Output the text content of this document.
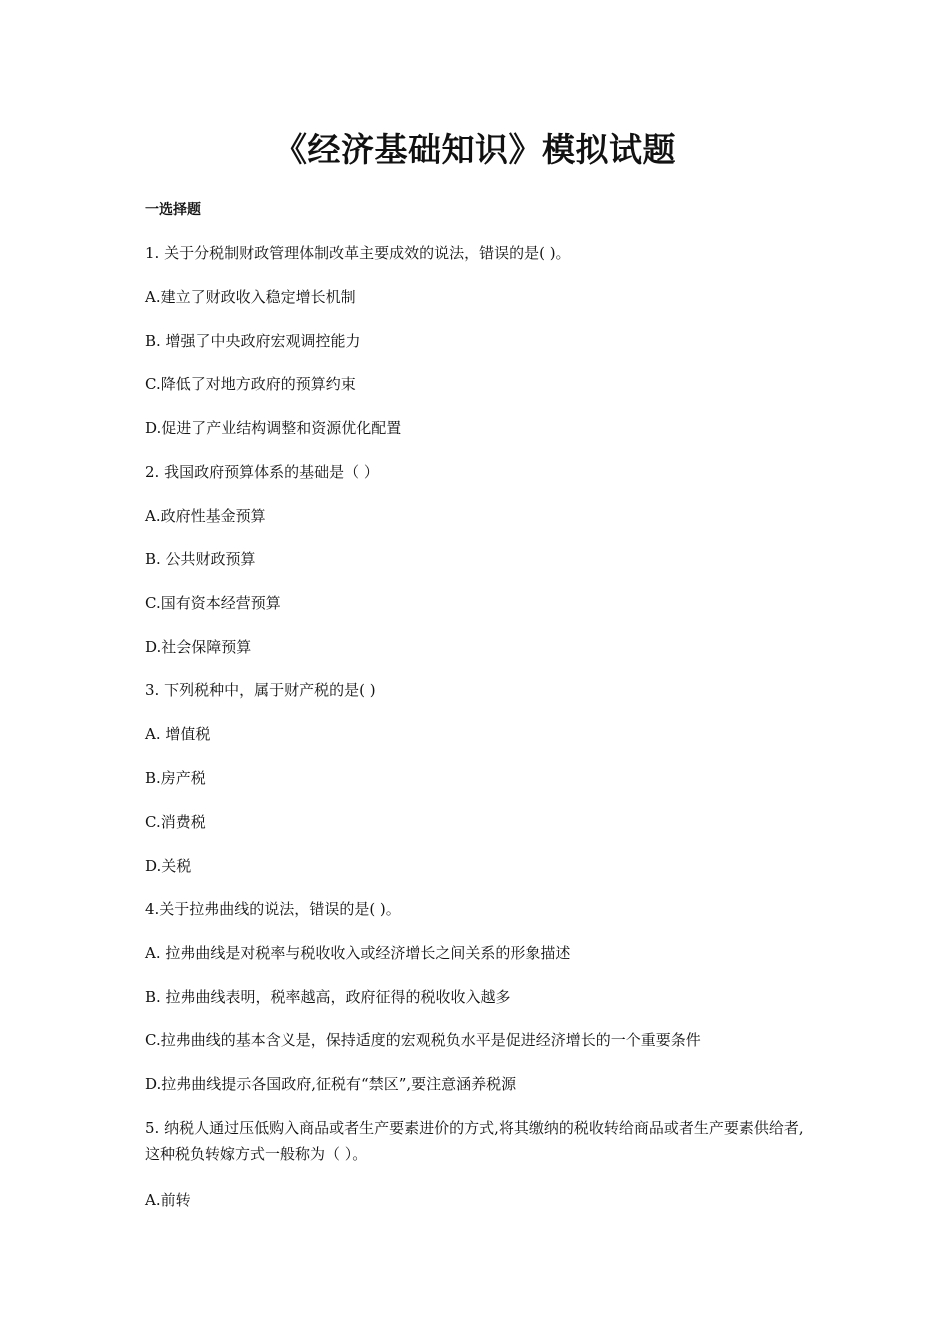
《经济基础知识》模拟试题
一选择题
1. 关于分税制财政管理体制改革主要成效的说法，错误的是( )。
A.建立了财政收入稳定增长机制
B. 增强了中央政府宏观调控能力
C.降低了对地方政府的预算约束
D.促进了产业结构调整和资源优化配置
2. 我国政府预算体系的基础是（ ）
A.政府性基金预算
B. 公共财政预算
C.国有资本经营预算
D.社会保障预算
3. 下列税种中，属于财产税的是( )
A. 增值税
B.房产税
C.消费税
D.关税
4.关于拉弗曲线的说法，错误的是( )。
A. 拉弗曲线是对税率与税收收入或经济增长之间关系的形象描述
B. 拉弗曲线表明，税率越高，政府征得的税收收入越多
C.拉弗曲线的基本含义是，保持适度的宏观税负水平是促进经济增长的一个重要条件
D.拉弗曲线提示各国政府,征税有“禁区”,要注意涵养税源
5. 纳税人通过压低购入商品或者生产要素进价的方式,将其缴纳的税收转给商品或者生产要素供给者,这种税负转嫁方式一般称为（ ）。
A.前转
